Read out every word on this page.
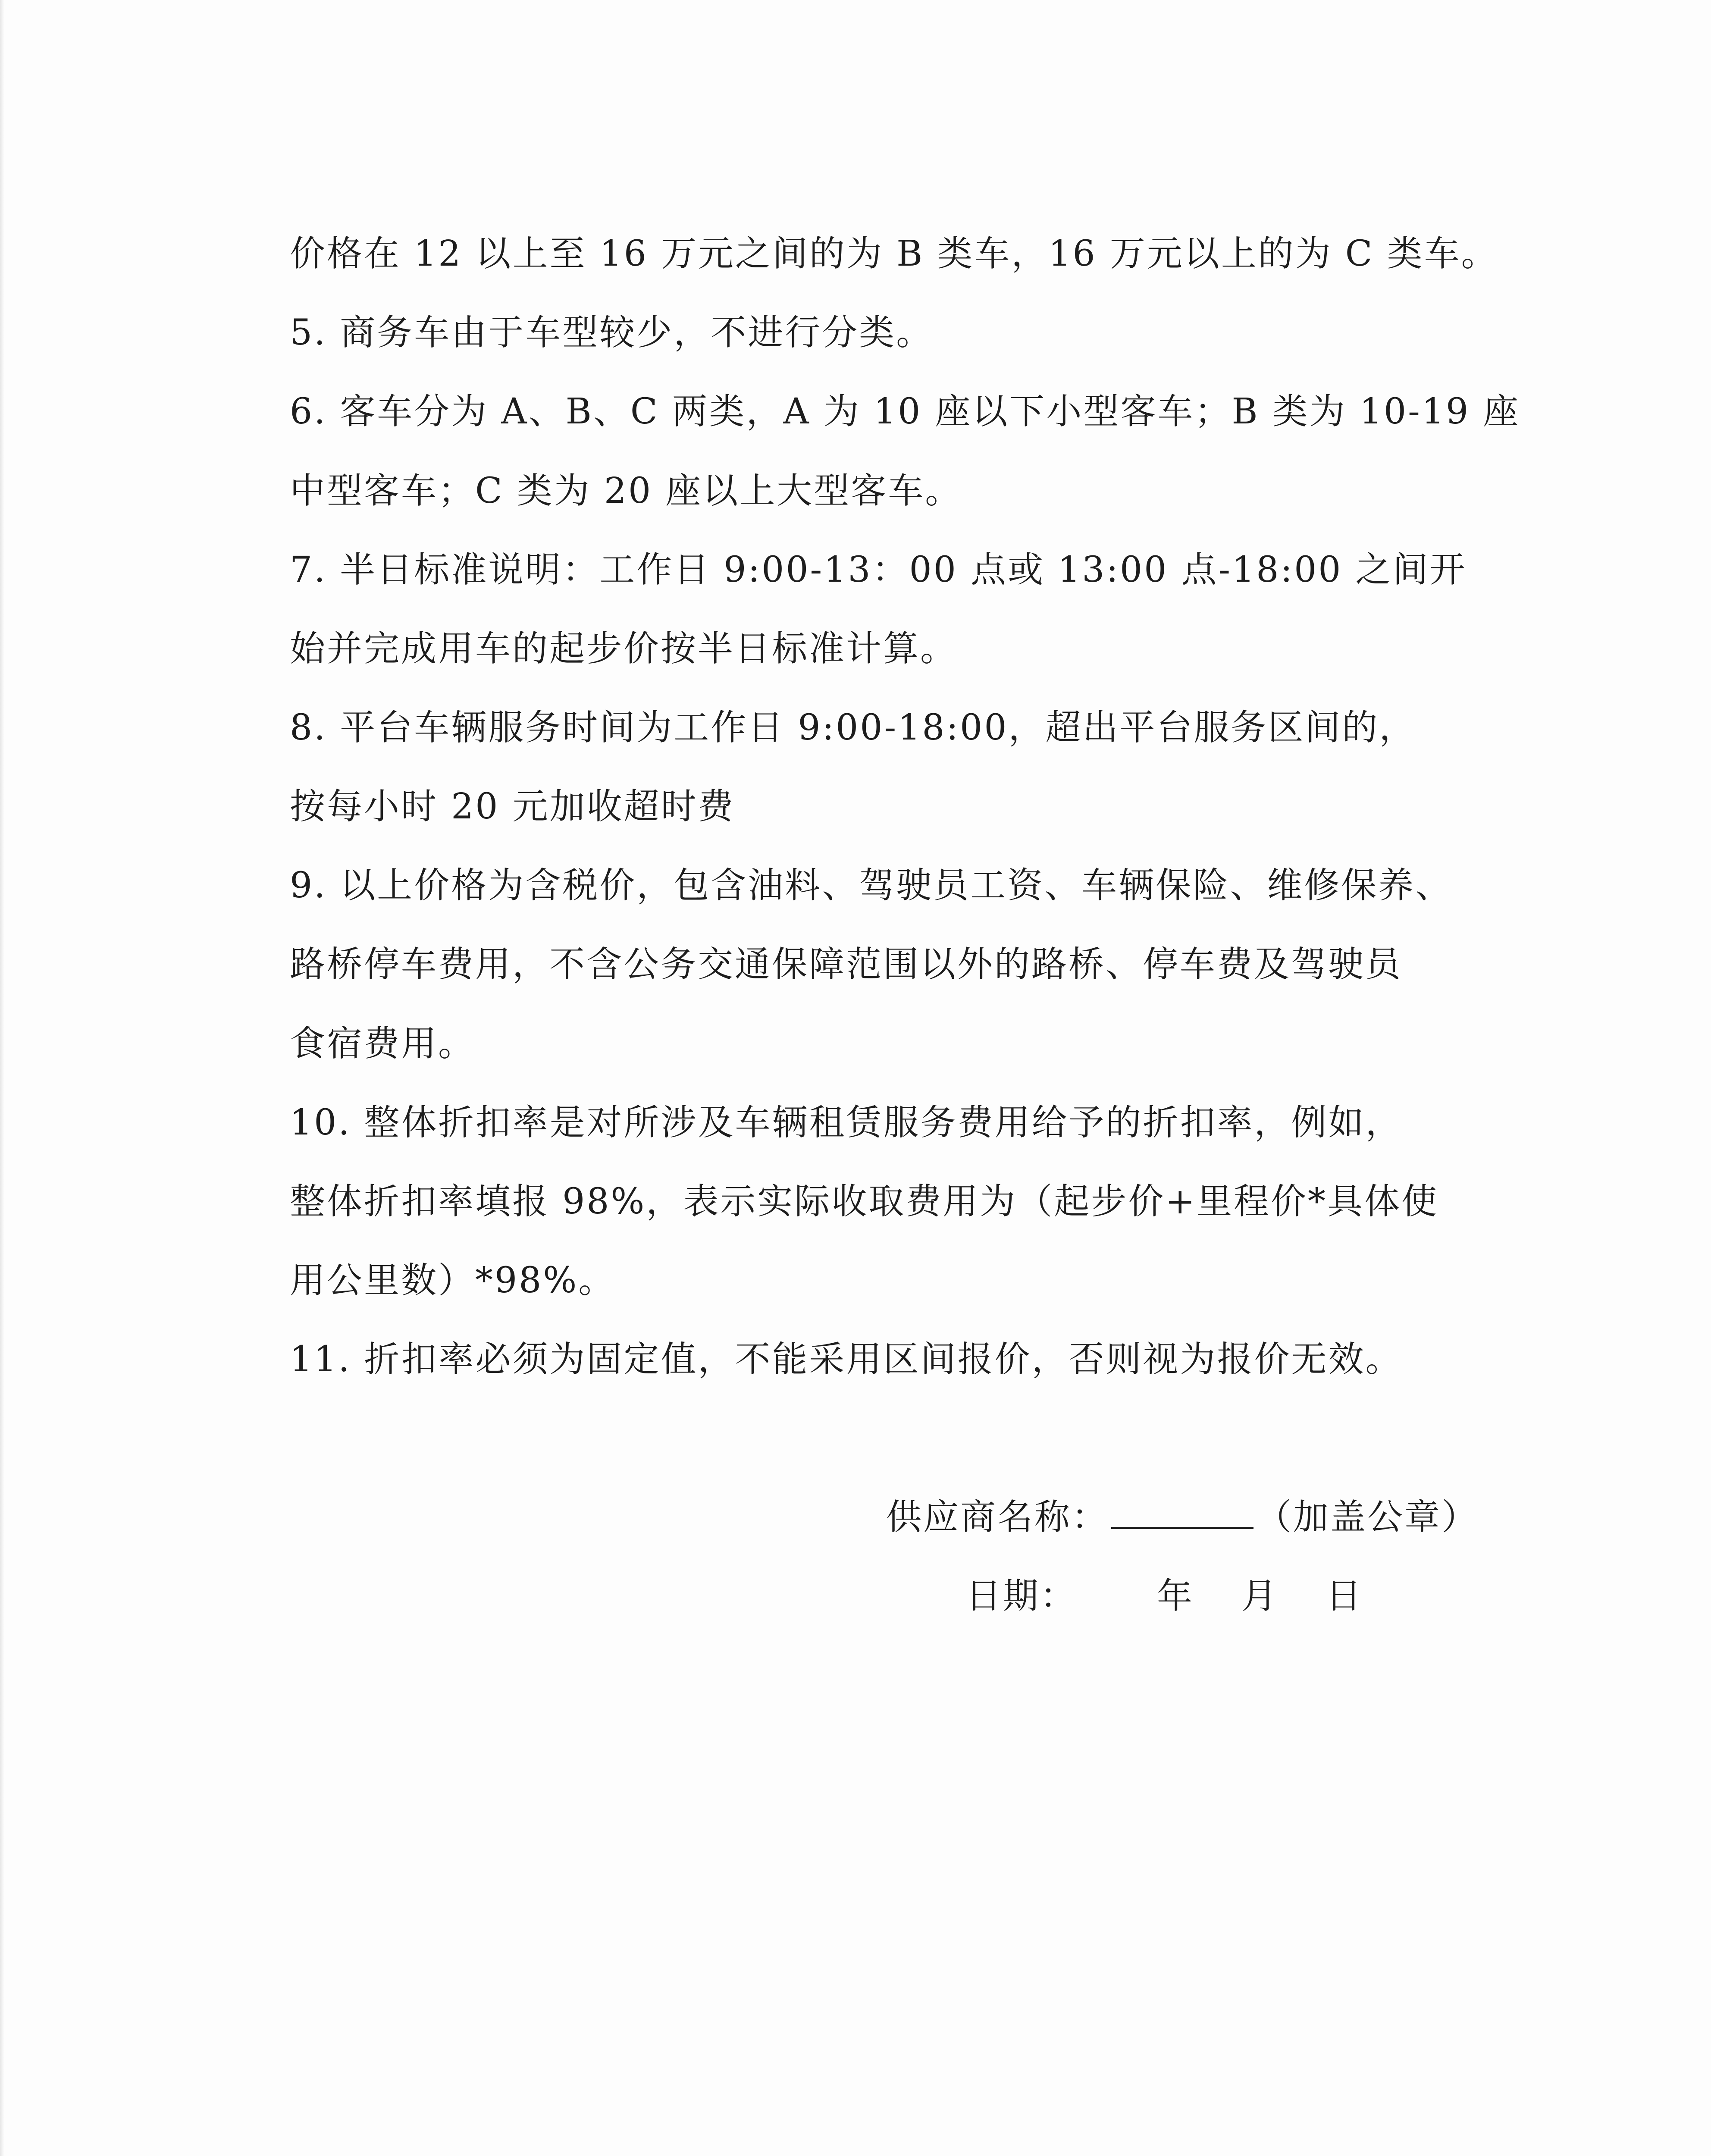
价格在 12 以上至 16 万元之间的为 B 类车，16 万元以上的为 C 类车。
5. 商务车由于车型较少，不进行分类。
6. 客车分为 A、B、C 两类，A 为 10 座以下小型客车；B 类为 10-19 座
中型客车；C 类为 20 座以上大型客车。
7. 半日标准说明：工作日 9:00-13：00 点或 13:00 点-18:00 之间开
始并完成用车的起步价按半日标准计算。
8. 平台车辆服务时间为工作日 9:00-18:00，超出平台服务区间的，
按每小时 20 元加收超时费
9. 以上价格为含税价，包含油料、驾驶员工资、车辆保险、维修保养、
路桥停车费用，不含公务交通保障范围以外的路桥、停车费及驾驶员
食宿费用。
10. 整体折扣率是对所涉及车辆租赁服务费用给予的折扣率，例如，
整体折扣率填报 98%，表示实际收取费用为（起步价+里程价*具体使
用公里数）*98%。
11. 折扣率必须为固定值，不能采用区间报价，否则视为报价无效。
供应商名称：	（加盖公章）
日期： 年 月 日
